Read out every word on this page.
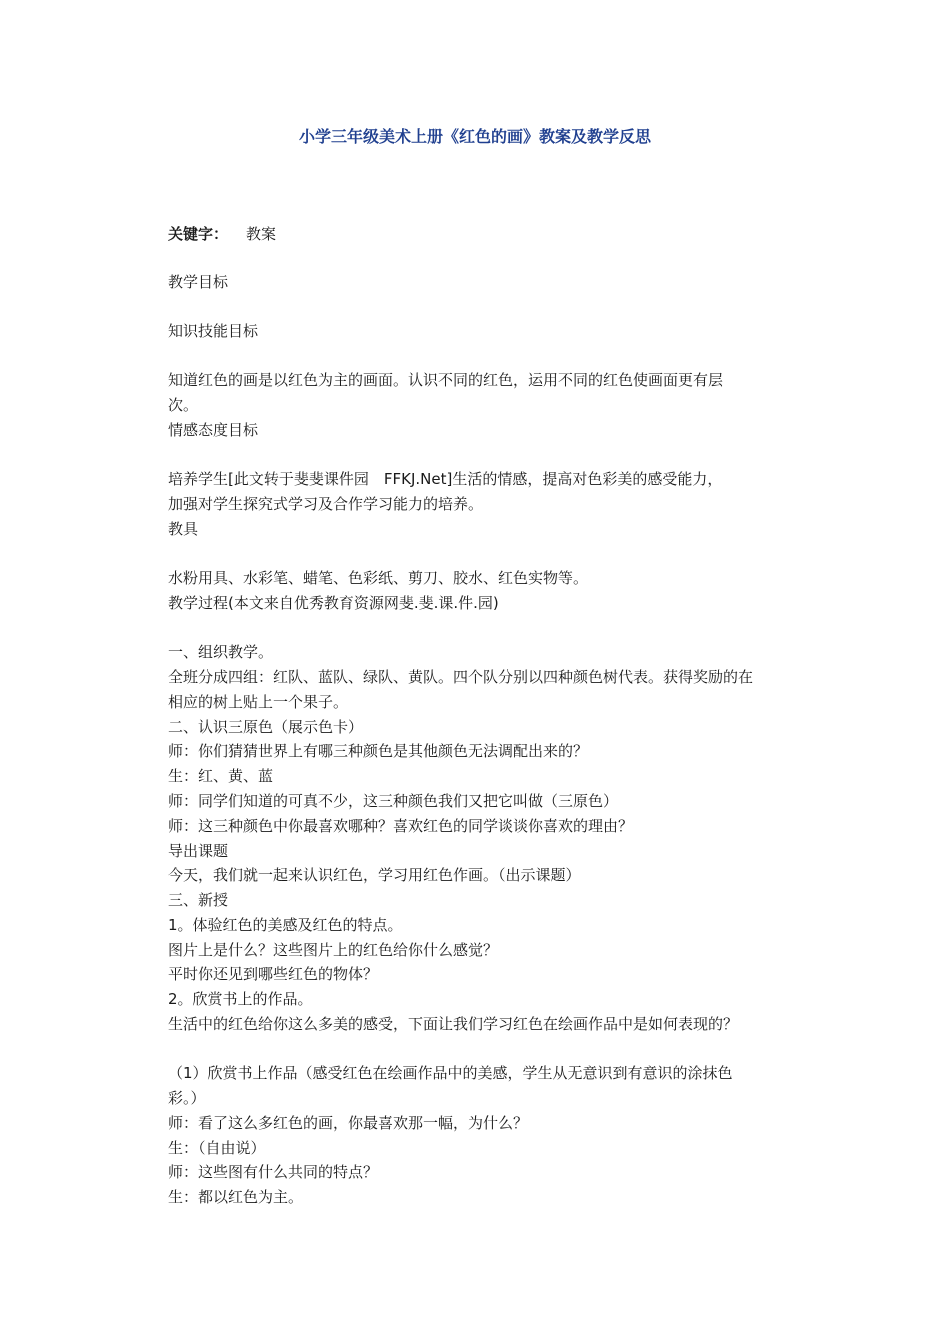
小学三年级美术上册《红色的画》教案及教学反思
关键字： 教案
教学目标
知识技能目标
知道红色的画是以红色为主的画面。认识不同的红色，运用不同的红色使画面更有层
次。
情感态度目标
培养学生[此文转于斐斐课件园　FFKJ.Net]生活的情感，提高对色彩美的感受能力，
加强对学生探究式学习及合作学习能力的培养。
教具
水粉用具、水彩笔、蜡笔、色彩纸、剪刀、胶水、红色实物等。
教学过程(本文来自优秀教育资源网斐.斐.课.件.园)
一、组织教学。
全班分成四组：红队、蓝队、绿队、黄队。四个队分别以四种颜色树代表。获得奖励的在
相应的树上贴上一个果子。
二、认识三原色（展示色卡）
师：你们猜猜世界上有哪三种颜色是其他颜色无法调配出来的？
生：红、黄、蓝
师：同学们知道的可真不少，这三种颜色我们又把它叫做（三原色）
师：这三种颜色中你最喜欢哪种？喜欢红色的同学谈谈你喜欢的理由？
导出课题
今天，我们就一起来认识红色，学习用红色作画。（出示课题）
三、新授
1。体验红色的美感及红色的特点。
图片上是什么？这些图片上的红色给你什么感觉？
平时你还见到哪些红色的物体？
2。欣赏书上的作品。
生活中的红色给你这么多美的感受，下面让我们学习红色在绘画作品中是如何表现的？
（1）欣赏书上作品（感受红色在绘画作品中的美感，学生从无意识到有意识的涂抹色
彩。）
师：看了这么多红色的画，你最喜欢那一幅，为什么？
生：（自由说）
师：这些图有什么共同的特点？
生：都以红色为主。
